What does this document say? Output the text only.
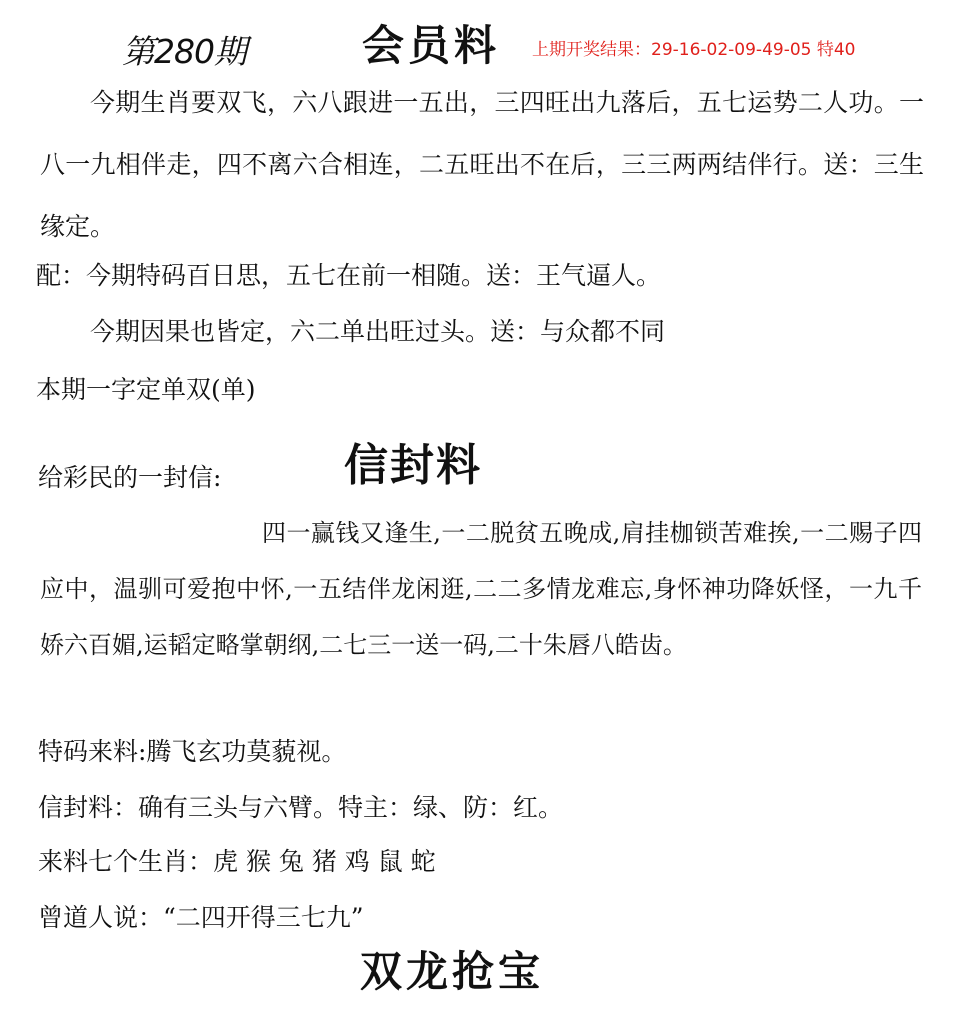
第280期	会员料 上期开奖结果：29-16-02-09-49-05 特40
今期生肖要双飞，六八跟进一五出，三四旺出九落后，五七运势二人功。一八一九相伴走，四不离六合相连，二五旺出不在后，三三两两结伴行。送：三生缘定。
配：今期特码百日思，五七在前一相随。送：王气逼人。
今期因果也皆定，六二单出旺过头。送：与众都不同
本期一字定单双(单)
给彩民的一封信:	信封料
四一赢钱又逢生,一二脱贫五晚成,肩挂枷锁苦难挨,一二赐子四应中，温驯可爱抱中怀,一五结伴龙闲逛,二二多情龙难忘,身怀神功降妖怪，一九千娇六百媚,运韬定略掌朝纲,二七三一送一码,二十朱唇八皓齿。
特码来料:腾飞玄功莫藐视。
信封料：确有三头与六臂。特主：绿、防：红。
来料七个生肖：虎 猴 兔 猪 鸡 鼠 蛇
曾道人说：“二四开得三七九”
双龙抢宝
